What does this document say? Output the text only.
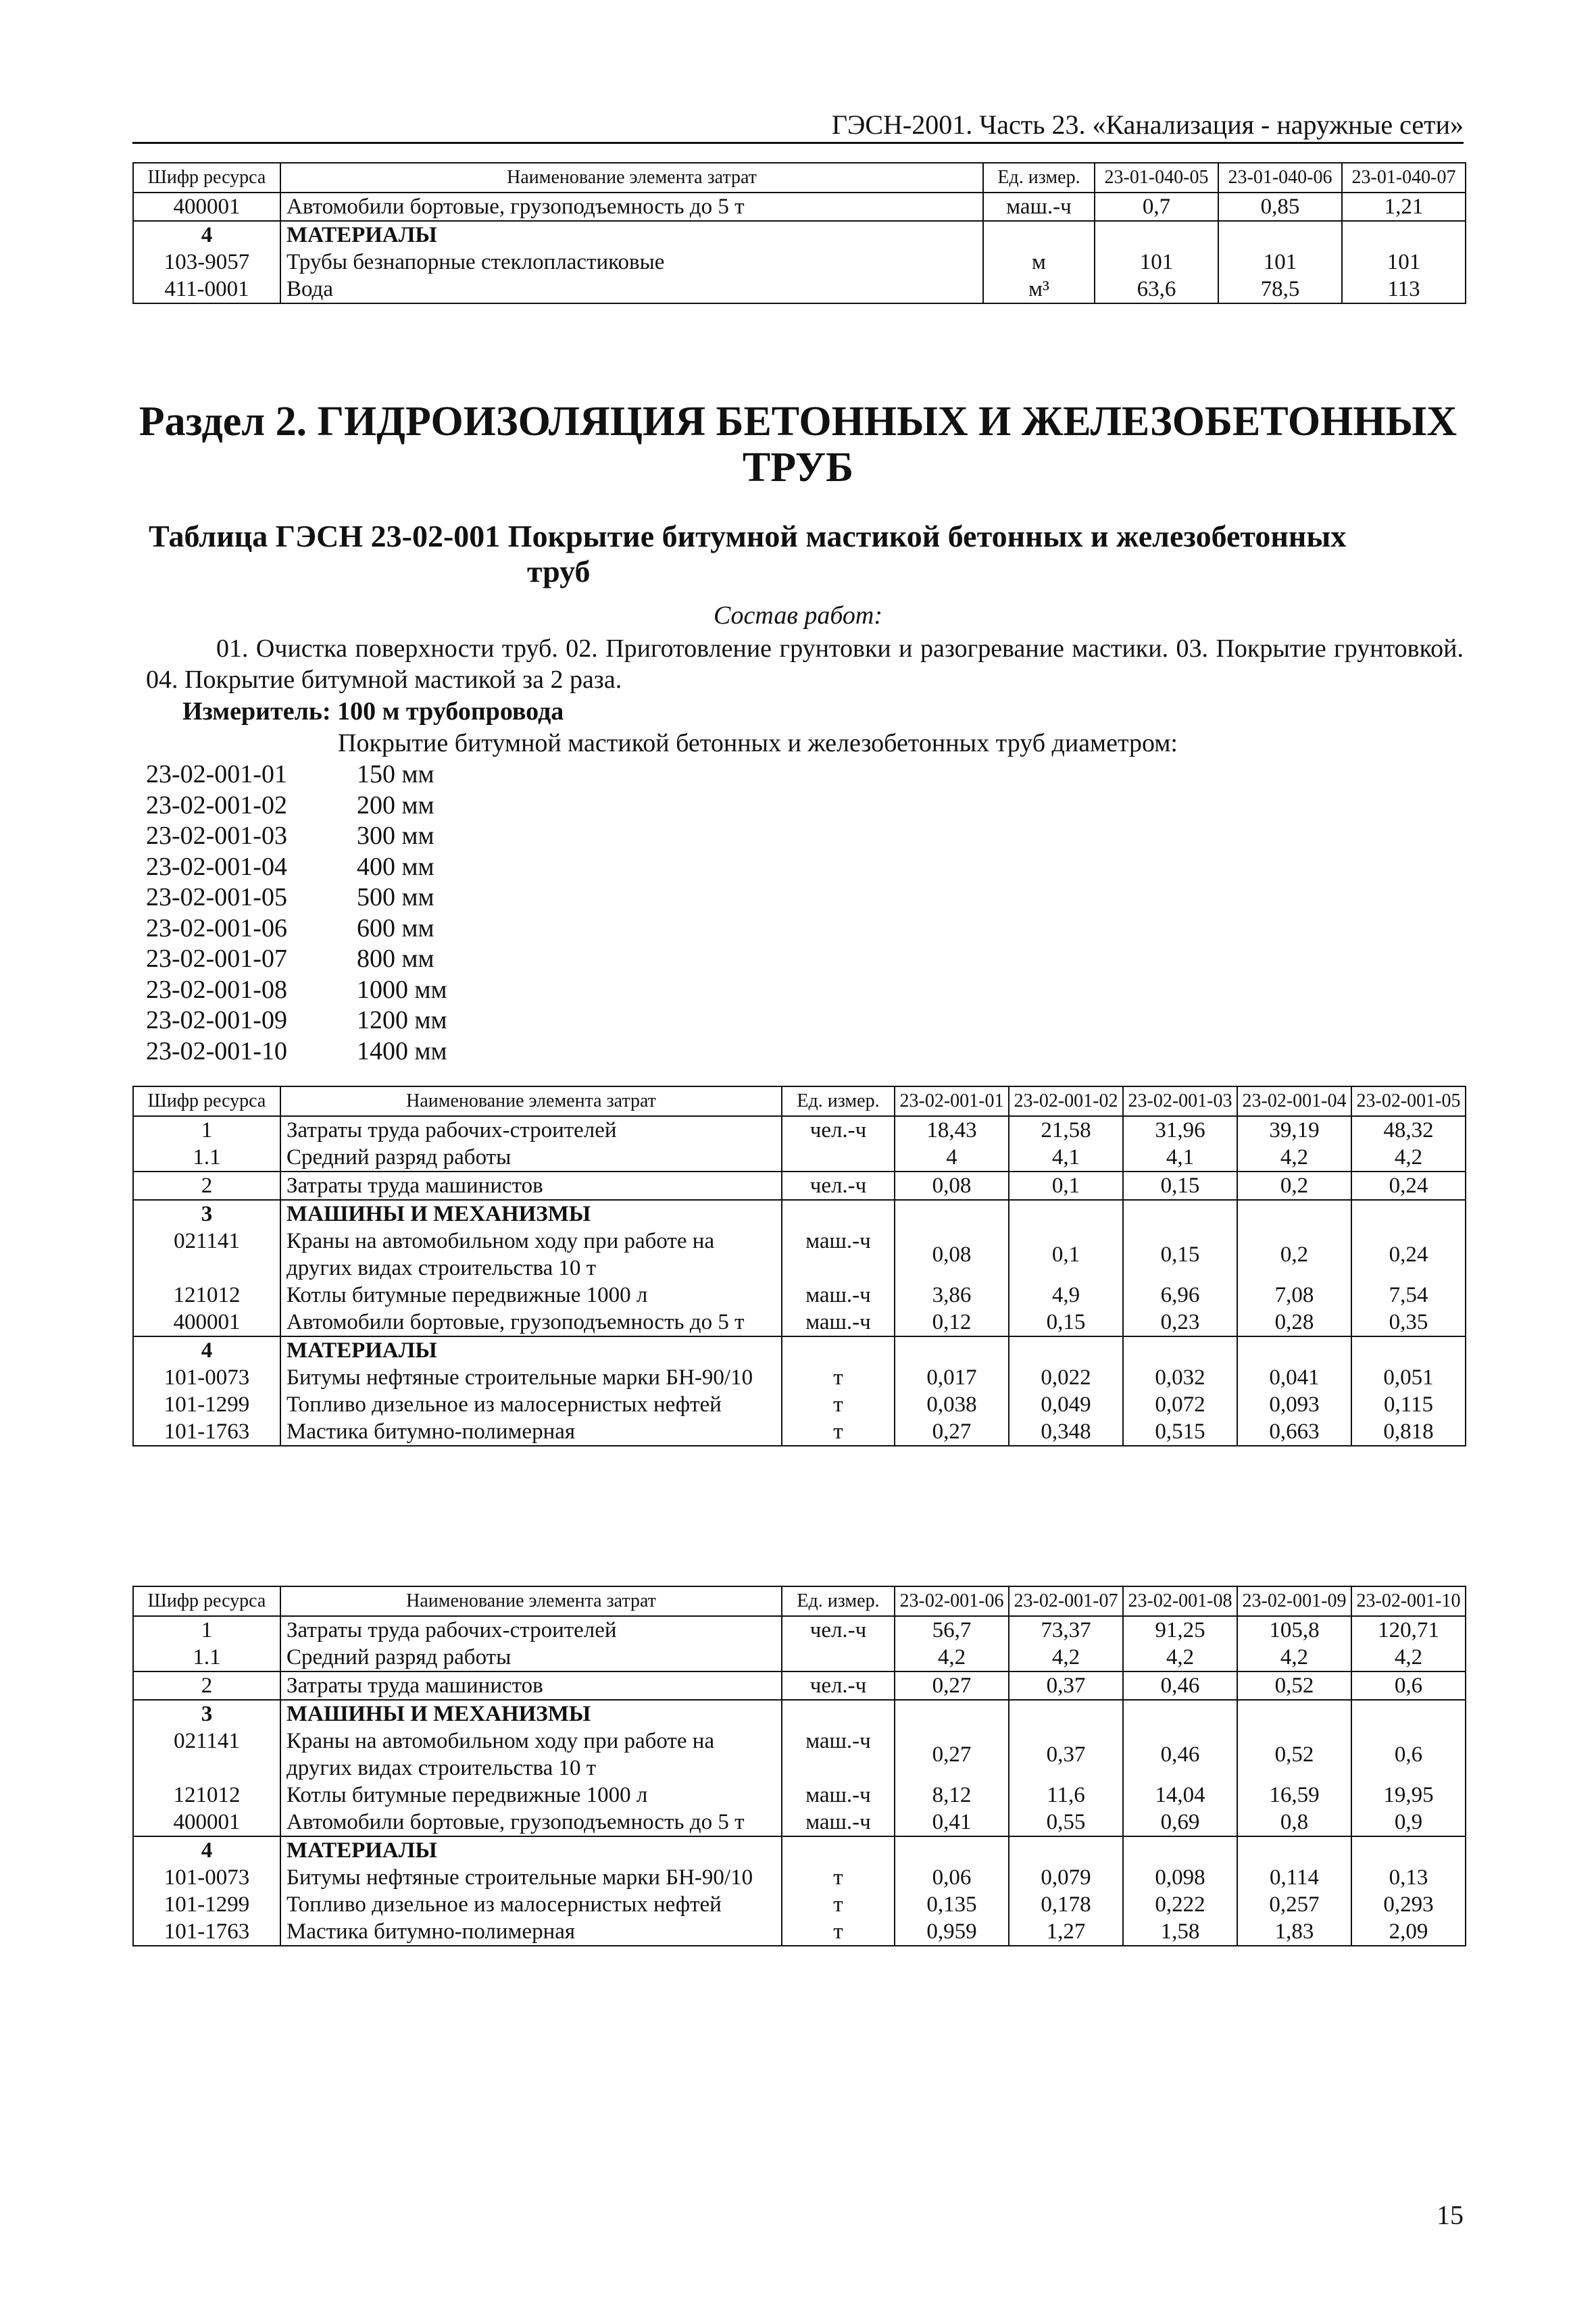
ГЭСН-2001. Часть 23. «Канализация - наружные сети»
Шифр ресурса	Наименование элемента затрат	Ед. измер.	23-01-040-05	23-01-040-06	23-01-040-07
400001	Автомобили бортовые, грузоподъемность до 5 т	маш.-ч	0,7	0,85	1,21
4	МАТЕРИАЛЫ				
103-9057	Трубы безнапорные стеклопластиковые	м	101	101	101
411-0001	Вода	м³	63,6	78,5	113
Раздел 2. ГИДРОИЗОЛЯЦИЯ БЕТОННЫХ И ЖЕЛЕЗОБЕТОННЫХ ТРУБ
Таблица ГЭСН 23-02-001 Покрытие битумной мастикой бетонных и железобетонных
труб
Состав работ:

01. Очистка поверхности труб. 02. Приготовление грунтовки и разогревание мастики. 03. Покрытие грунтовкой. 04. Покрытие битумной мастикой за 2 раза.

Измеритель: 100 м трубопровода
Покрытие битумной мастикой бетонных и железобетонных труб диаметром:
23-02-001-01	150 мм
23-02-001-02	200 мм
23-02-001-03	300 мм
23-02-001-04	400 мм
23-02-001-05	500 мм
23-02-001-06	600 мм
23-02-001-07	800 мм
23-02-001-08	1000 мм
23-02-001-09	1200 мм
23-02-001-10	1400 мм
Шифр ресурса	Наименование элемента затрат	Ед. измер.	23-02-001-01	23-02-001-02	23-02-001-03	23-02-001-04	23-02-001-05
1	Затраты труда рабочих-строителей	чел.-ч	18,43	21,58	31,96	39,19	48,32
1.1	Средний разряд работы		4	4,1	4,1	4,2	4,2
2	Затраты труда машинистов	чел.-ч	0,08	0,1	0,15	0,2	0,24
3	МАШИНЫ И МЕХАНИЗМЫ						
021141	Краны на автомобильном ходу при работе на других видах строительства 10 т	маш.-ч	0,08	0,1	0,15	0,2	0,24
121012	Котлы битумные передвижные 1000 л	маш.-ч	3,86	4,9	6,96	7,08	7,54
400001	Автомобили бортовые, грузоподъемность до 5 т	маш.-ч	0,12	0,15	0,23	0,28	0,35
4	МАТЕРИАЛЫ						
101-0073	Битумы нефтяные строительные марки БН-90/10	т	0,017	0,022	0,032	0,041	0,051
101-1299	Топливо дизельное из малосернистых нефтей	т	0,038	0,049	0,072	0,093	0,115
101-1763	Мастика битумно-полимерная	т	0,27	0,348	0,515	0,663	0,818
Шифр ресурса	Наименование элемента затрат	Ед. измер.	23-02-001-06	23-02-001-07	23-02-001-08	23-02-001-09	23-02-001-10
1	Затраты труда рабочих-строителей	чел.-ч	56,7	73,37	91,25	105,8	120,71
1.1	Средний разряд работы		4,2	4,2	4,2	4,2	4,2
2	Затраты труда машинистов	чел.-ч	0,27	0,37	0,46	0,52	0,6
3	МАШИНЫ И МЕХАНИЗМЫ						
021141	Краны на автомобильном ходу при работе на других видах строительства 10 т	маш.-ч	0,27	0,37	0,46	0,52	0,6
121012	Котлы битумные передвижные 1000 л	маш.-ч	8,12	11,6	14,04	16,59	19,95
400001	Автомобили бортовые, грузоподъемность до 5 т	маш.-ч	0,41	0,55	0,69	0,8	0,9
4	МАТЕРИАЛЫ						
101-0073	Битумы нефтяные строительные марки БН-90/10	т	0,06	0,079	0,098	0,114	0,13
101-1299	Топливо дизельное из малосернистых нефтей	т	0,135	0,178	0,222	0,257	0,293
101-1763	Мастика битумно-полимерная	т	0,959	1,27	1,58	1,83	2,09
15
